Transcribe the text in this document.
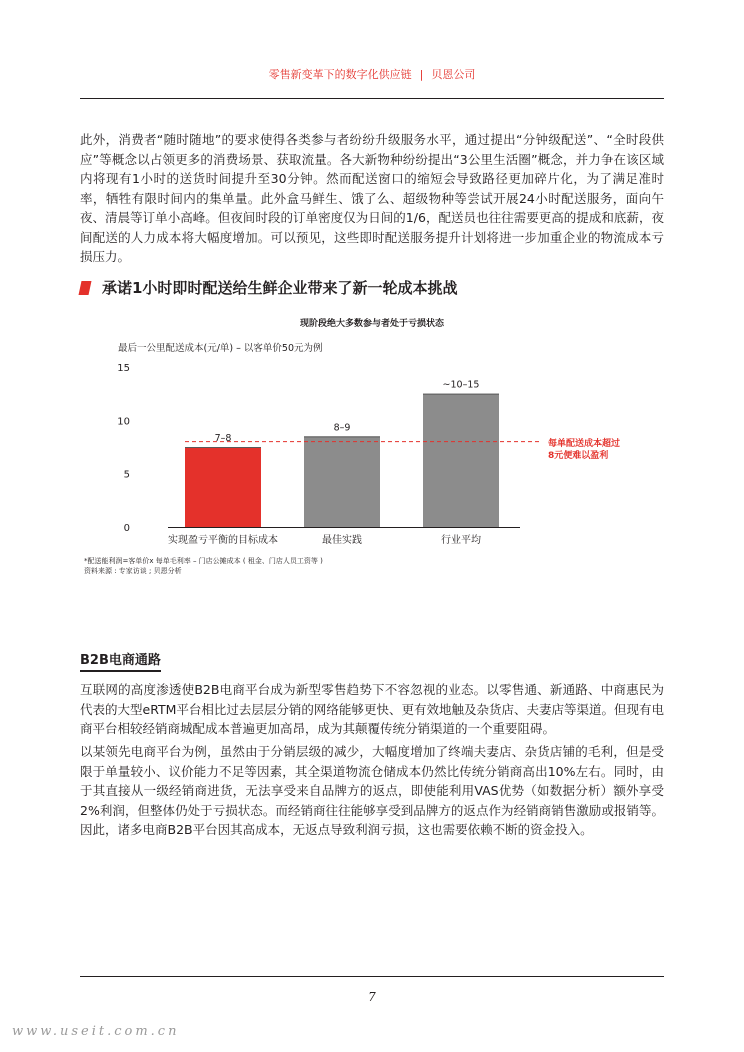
零售新变革下的数字化供应链 | 贝恩公司

此外，消费者“随时随地”的要求使得各类参与者纷纷升级服务水平，通过提出“分钟级配送”、“全时段供应”等概念以占领更多的消费场景、获取流量。各大新物种纷纷提出“3公里生活圈”概念，并力争在该区域内将现有1小时的送货时间提升至30分钟。然而配送窗口的缩短会导致路径更加碎片化，为了满足准时率，牺牲有限时间内的集单量。此外盒马鲜生、饿了么、超级物种等尝试开展24小时配送服务，面向午夜、清晨等订单小高峰。但夜间时段的订单密度仅为日间的1/6，配送员也往往需要更高的提成和底薪，夜间配送的人力成本将大幅度增加。可以预见，这些即时配送服务提升计划将进一步加重企业的物流成本亏损压力。

承诺1小时即时配送给生鲜企业带来了新一轮成本挑战
现阶段绝大多数参与者处于亏损状态
最后一公里配送成本(元/单) – 以客单价50元为例
0
5
10
15
7–8
8–9
~10–15
实现盈亏平衡的目标成本	最佳实践	行业平均
每单配送成本超过
8元便难以盈利
*配送能利润=客单价x 每单毛利率 – 门店公摊成本 ( 租金、门店人员工资等 )
资料来源 : 专家访谈 ; 贝恩分析
B2B电商通路

互联网的高度渗透使B2B电商平台成为新型零售趋势下不容忽视的业态。以零售通、新通路、中商惠民为代表的大型eRTM平台相比过去层层分销的网络能够更快、更有效地触及杂货店、夫妻店等渠道。但现有电商平台相较经销商城配成本普遍更加高昂，成为其颠覆传统分销渠道的一个重要阻碍。

以某领先电商平台为例，虽然由于分销层级的减少，大幅度增加了终端夫妻店、杂货店铺的毛利，但是受限于单量较小、议价能力不足等因素，其全渠道物流仓储成本仍然比传统分销商高出10%左右。同时，由于其直接从一级经销商进货，无法享受来自品牌方的返点，即使能利用VAS优势（如数据分析）额外享受2%利润，但整体仍处于亏损状态。而经销商往往能够享受到品牌方的返点作为经销商销售激励或报销等。因此，诸多电商B2B平台因其高成本，无返点导致利润亏损，这也需要依赖不断的资金投入。

7
www.useit.com.cn
